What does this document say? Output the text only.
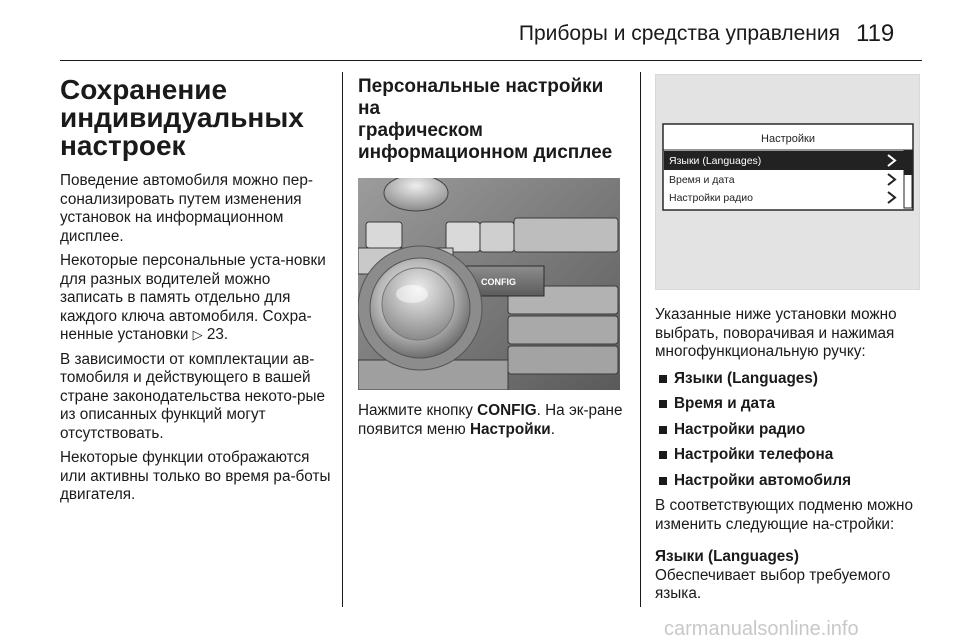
Приборы и средства управления 119
Сохранение
индивидуальных
настроек

Поведение автомобиля можно пер-сонализировать путем изменения установок на информационном дисплее.

Некоторые персональные уста-новки для разных водителей можно записать в память отдельно для каждого ключа автомобиля. Сохра-ненные установки ▷ 23.

В зависимости от комплектации ав-томобиля и действующего в вашей стране законодательства некото-рые из описанных функций могут отсутствовать.

Некоторые функции отображаются или активны только во время ра-боты двигателя.

Персональные настройки на
графическом
информационном дисплее
CONFIG

Нажмите кнопку CONFIG. На эк-ране появится меню Настройки.

Настройки
Языки (Languages)
Время и дата
Настройки радио

Указанные ниже установки можно выбрать, поворачивая и нажимая многофункциональную ручку:

Языки (Languages)
Время и дата
Настройки радио
Настройки телефона
Настройки автомобиля

В соответствующих подменю можно изменить следующие на-стройки:

Языки (Languages)

Обеспечивает выбор требуемого языка.

carmanualsonline.info
